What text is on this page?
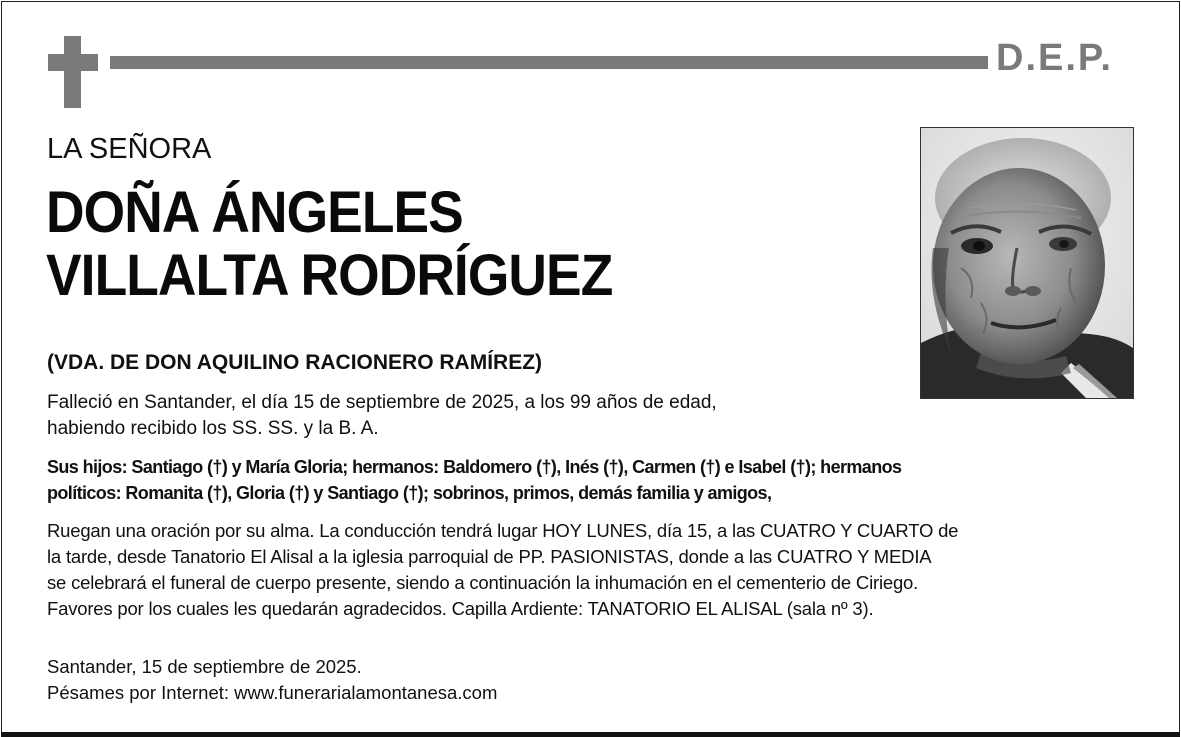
D.E.P.
LA SEÑORA
DOÑA ÁNGELES
VILLALTA RODRÍGUEZ
(VDA. DE DON AQUILINO RACIONERO RAMÍREZ)
Falleció en Santander, el día 15 de septiembre de 2025, a los 99 años de edad,
habiendo recibido los SS. SS. y la B. A.
Sus hijos: Santiago (†) y María Gloria; hermanos: Baldomero (†), Inés (†), Carmen (†) e Isabel (†); hermanos
políticos: Romanita (†), Gloria (†) y Santiago (†); sobrinos, primos, demás familia y amigos,
Ruegan una oración por su alma. La conducción tendrá lugar HOY LUNES, día 15, a las CUATRO Y CUARTO de
la tarde, desde Tanatorio El Alisal a la iglesia parroquial de PP. PASIONISTAS, donde a las CUATRO Y MEDIA
se celebrará el funeral de cuerpo presente, siendo a continuación la inhumación en el cementerio de Ciriego.
Favores por los cuales les quedarán agradecidos. Capilla Ardiente: TANATORIO EL ALISAL (sala nº 3).
Santander, 15 de septiembre de 2025.
Pésames por Internet: www.funerarialamontanesa.com
